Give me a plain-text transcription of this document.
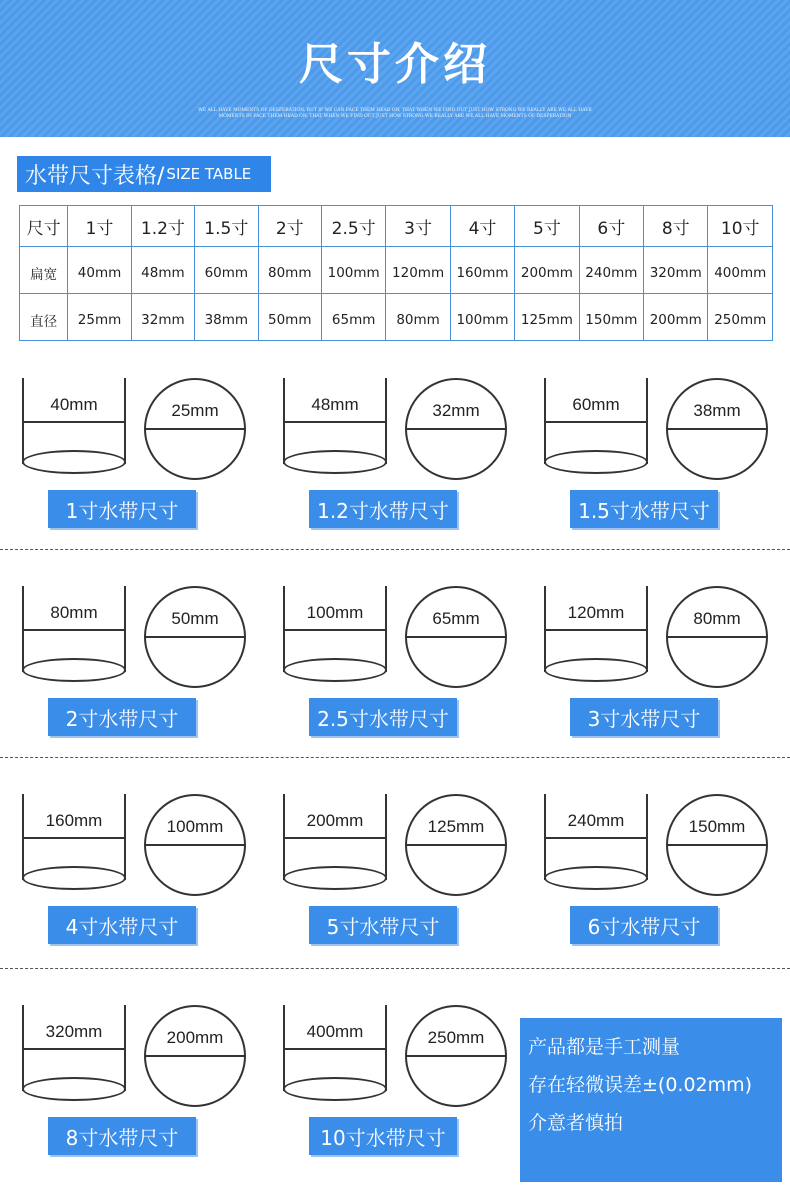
尺寸介绍
WE ALL HAVE MOMENTS OF DESPERATION, BUT IF WE CAN FACE THEM HEAD ON, THAT WHEN WE FIND OUT JUST HOW STRONG WE REALLY ARE WE ALL HAVE MOMENTS IN FACE THEM HEAD ON, THAT WHEN WE FIND OUT JUST HOW STRONG WE REALLY ARE WE ALL HAVE MOMENTS OF DESPERATION
水带尺寸表格/ SIZE TABLE
尺寸	1寸	1.2寸	1.5寸	2寸	2.5寸	3寸	4寸	5寸	6寸	8寸	10寸
扁宽	40mm	48mm	60mm	80mm	100mm	120mm	160mm	200mm	240mm	320mm	400mm
直径	25mm	32mm	38mm	50mm	65mm	80mm	100mm	125mm	150mm	200mm	250mm
40mm	25mm
1寸水带尺寸
48mm	32mm
1.2寸水带尺寸
60mm	38mm
1.5寸水带尺寸
80mm	50mm
2寸水带尺寸
100mm	65mm
2.5寸水带尺寸
120mm	80mm
3寸水带尺寸
160mm	100mm
4寸水带尺寸
200mm	125mm
5寸水带尺寸
240mm	150mm
6寸水带尺寸
320mm	200mm
8寸水带尺寸
400mm	250mm
10寸水带尺寸

产品都是手工测量

存在轻微误差±(0.02mm)

介意者慎拍
